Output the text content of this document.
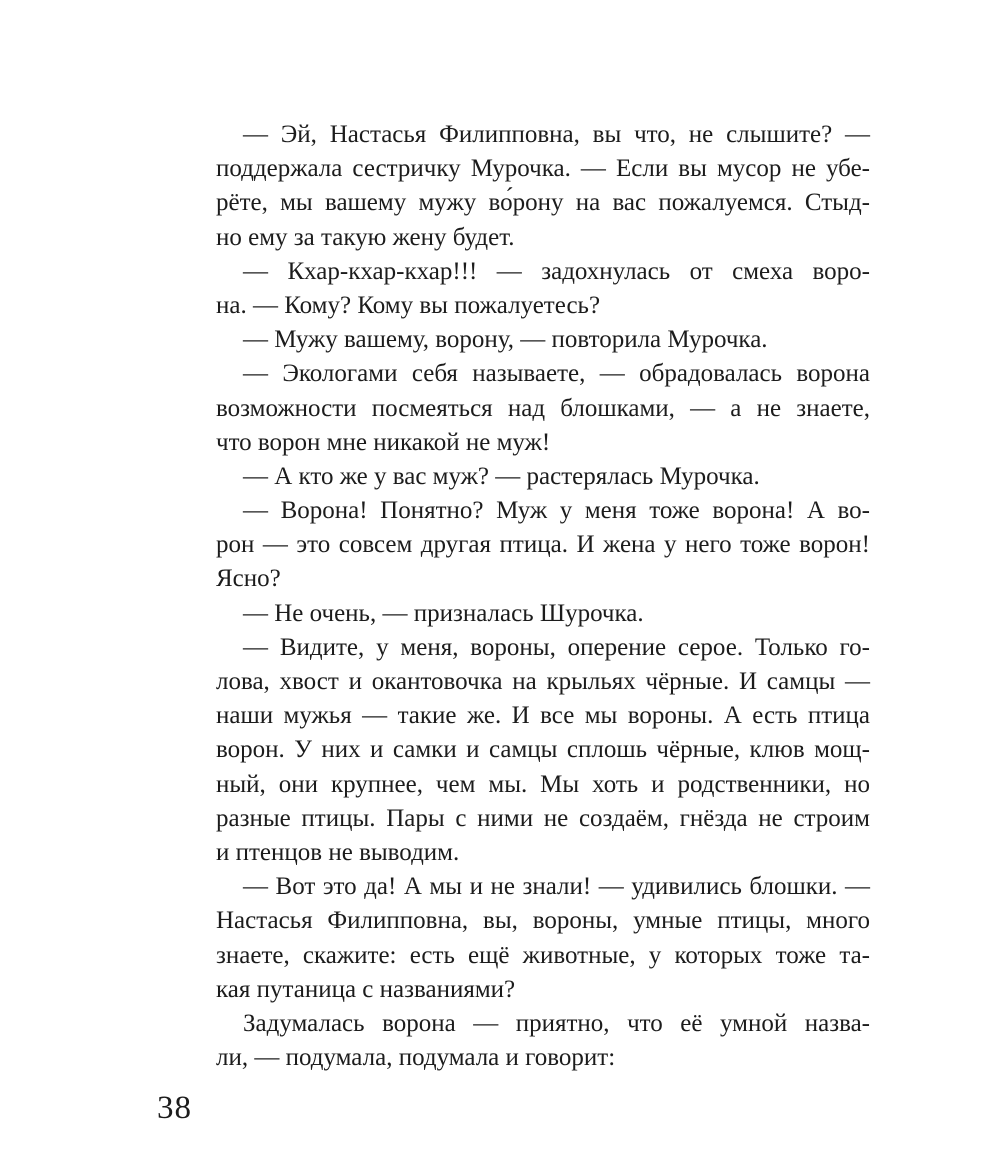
— Эй, Настасья Филипповна, вы что, не слышите? —
поддержала сестричку Мурочка. — Если вы мусор не убе-
рёте, мы вашему мужу во́рону на вас пожалуемся. Стыд-
но ему за такую жену будет.
— Кхар-кхар-кхар!!! — задохнулась от смеха воро-
на. — Кому? Кому вы пожалуетесь?
— Мужу вашему, ворону, — повторила Мурочка.
— Экологами себя называете, — обрадовалась ворона
возможности посмеяться над блошками, — а не знаете,
что ворон мне никакой не муж!
— А кто же у вас муж? — растерялась Мурочка.
— Ворона! Понятно? Муж у меня тоже ворона! А во-
рон — это совсем другая птица. И жена у него тоже ворон!
Ясно?
— Не очень, — призналась Шурочка.
— Видите, у меня, вороны, оперение серое. Только го-
лова, хвост и окантовочка на крыльях чёрные. И самцы —
наши мужья — такие же. И все мы вороны. А есть птица
ворон. У них и самки и самцы сплошь чёрные, клюв мощ-
ный, они крупнее, чем мы. Мы хоть и родственники, но
разные птицы. Пары с ними не создаём, гнёзда не строим
и птенцов не выводим.
— Вот это да! А мы и не знали! — удивились блошки. —
Настасья Филипповна, вы, вороны, умные птицы, много
знаете, скажите: есть ещё животные, у которых тоже та-
кая путаница с названиями?
Задумалась ворона — приятно, что её умной назва-
ли, — подумала, подумала и говорит:
38
